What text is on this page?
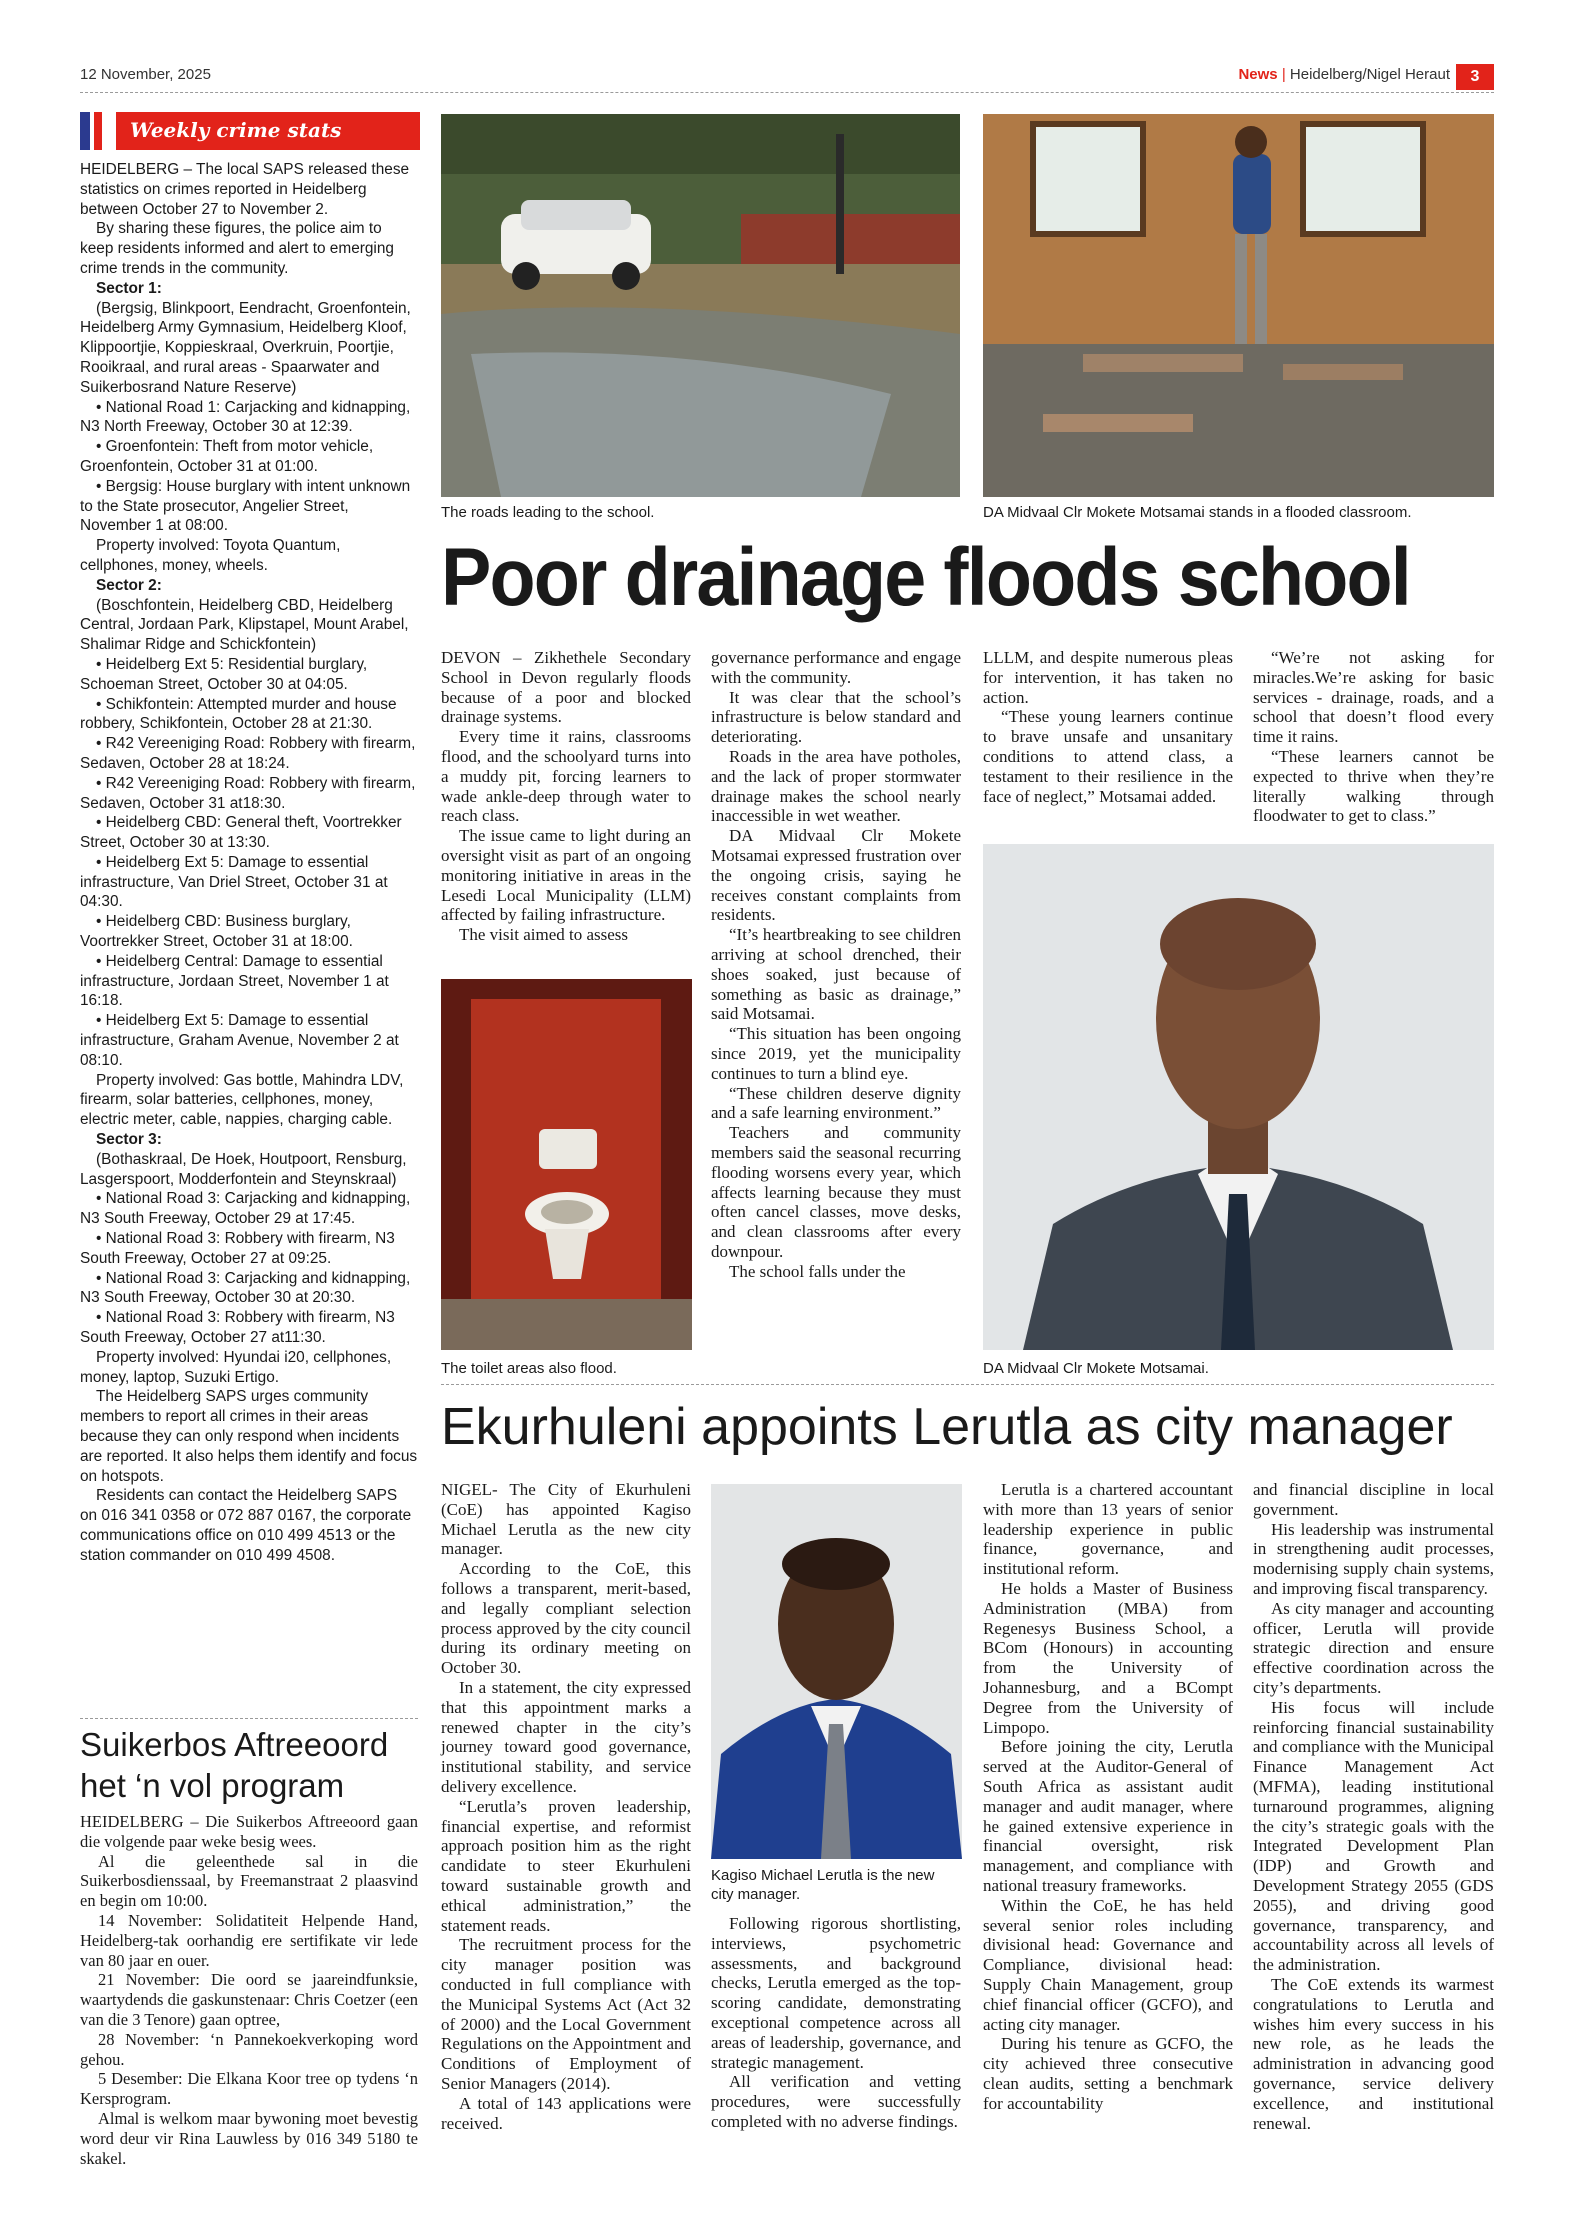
12 November, 2025	News | Heidelberg/Nigel Heraut	3
Weekly crime stats

HEIDELBERG – The local SAPS released these statistics on crimes reported in Heidelberg between October 27 to November 2.

By sharing these figures, the police aim to keep residents informed and alert to emerging crime trends in the community.

Sector 1:

(Bergsig, Blinkpoort, Eendracht, Groenfontein, Heidelberg Army Gymnasium, Heidelberg Kloof, Klippoortjie, Koppieskraal, Overkruin, Poortjie, Rooikraal, and rural areas - Spaarwater and Suikerbosrand Nature Reserve)

• National Road 1: Carjacking and kidnapping, N3 North Freeway, October 30 at 12:39.

• Groenfontein: Theft from motor vehicle, Groenfontein, October 31 at 01:00.

• Bergsig: House burglary with intent unknown to the State prosecutor, Angelier Street, November 1 at 08:00.

Property involved: Toyota Quantum, cellphones, money, wheels.

Sector 2:

(Boschfontein, Heidelberg CBD, Heidelberg Central, Jordaan Park, Klipstapel, Mount Arabel, Shalimar Ridge and Schickfontein)

• Heidelberg Ext 5: Residential burglary, Schoeman Street, October 30 at 04:05.

• Schikfontein: Attempted murder and house robbery, Schikfontein, October 28 at 21:30.

• R42 Vereeniging Road: Robbery with firearm, Sedaven, October 28 at 18:24.

• R42 Vereeniging Road: Robbery with firearm, Sedaven, October 31 at18:30.

• Heidelberg CBD: General theft, Voortrekker Street, October 30 at 13:30.

• Heidelberg Ext 5: Damage to essential infrastructure, Van Driel Street, October 31 at 04:30.

• Heidelberg CBD: Business burglary, Voortrekker Street, October 31 at 18:00.

• Heidelberg Central: Damage to essential infrastructure, Jordaan Street, November 1 at 16:18.

• Heidelberg Ext 5: Damage to essential infrastructure, Graham Avenue, November 2 at 08:10.

Property involved: Gas bottle, Mahindra LDV, firearm, solar batteries, cellphones, money, electric meter, cable, nappies, charging cable.

Sector 3:

(Bothaskraal, De Hoek, Houtpoort, Rensburg, Lasgerspoort, Modderfontein and Steynskraal)

• National Road 3: Carjacking and kidnapping, N3 South Freeway, October 29 at 17:45.

• National Road 3: Robbery with firearm, N3 South Freeway, October 27 at 09:25.

• National Road 3: Carjacking and kidnapping, N3 South Freeway, October 30 at 20:30.

• National Road 3: Robbery with firearm, N3 South Freeway, October 27 at11:30.

Property involved: Hyundai i20, cellphones, money, laptop, Suzuki Ertigo.

The Heidelberg SAPS urges community members to report all crimes in their areas because they can only respond when incidents are reported. It also helps them identify and focus on hotspots.

Residents can contact the Heidelberg SAPS on 016 341 0358 or 072 887 0167, the corporate communications office on 010 499 4513 or the station commander on 010 499 4508.

Suikerbos Aftreeoord het ‘n vol program

HEIDELBERG – Die Suikerbos Aftreeoord gaan die volgende paar weke besig wees.

Al die geleenthede sal in die Suikerbosdienssaal, by Freemanstraat 2 plaasvind en begin om 10:00.

14 November: Solidatiteit Helpende Hand, Heidelberg-tak oorhandig ere sertifikate vir lede van 80 jaar en ouer.

21 November: Die oord se jaareindfunksie, waartydends die gaskunstenaar: Chris Coetzer (een van die 3 Tenore) gaan optree,

28 November: ‘n Pannekoekverkoping word gehou.

5 Desember: Die Elkana Koor tree op tydens ‘n Kersprogram.

Almal is welkom maar bywoning moet bevestig word deur vir Rina Lauwless by 016 349 5180 te skakel.

The roads leading to the school.	DA Midvaal Clr Mokete Motsamai stands in a flooded classroom.
Poor drainage floods school

DEVON – Zikhethele Secondary School in Devon regularly floods because of a poor and blocked drainage systems.

Every time it rains, classrooms flood, and the schoolyard turns into a muddy pit, forcing learners to wade ankle-deep through water to reach class.

The issue came to light during an oversight visit as part of an ongoing monitoring initiative in areas in the Lesedi Local Municipality (LLM) affected by failing infrastructure.

The visit aimed to assess

governance performance and engage with the community.

It was clear that the school’s infrastructure is below standard and deteriorating.

Roads in the area have potholes, and the lack of proper stormwater drainage makes the school nearly inaccessible in wet weather.

DA Midvaal Clr Mokete Motsamai expressed frustration over the ongoing crisis, saying he receives constant complaints from residents.

“It’s heartbreaking to see children arriving at school drenched, their shoes soaked, just because of something as basic as drainage,” said Motsamai.

“This situation has been ongoing since 2019, yet the municipality continues to turn a blind eye.

“These children deserve dignity and a safe learning environment.”

Teachers and community members said the seasonal recurring flooding worsens every year, which affects learning because they must often cancel classes, move desks, and clean classrooms after every downpour.

The school falls under the

LLLM, and despite numerous pleas for intervention, it has taken no action.

“These young learners continue to brave unsafe and unsanitary conditions to attend class, a testament to their resilience in the face of neglect,” Motsamai added.

“We’re not asking for miracles.We’re asking for basic services - drainage, roads, and a school that doesn’t flood every time it rains.

“These learners cannot be expected to thrive when they’re literally walking through floodwater to get to class.”

The toilet areas also flood.	DA Midvaal Clr Mokete Motsamai.
Ekurhuleni appoints Lerutla as city manager

NIGEL- The City of Ekurhuleni (CoE) has appointed Kagiso Michael Lerutla as the new city manager.

According to the CoE, this follows a transparent, merit-based, and legally compliant selection process approved by the city council during its ordinary meeting on October 30.

In a statement, the city expressed that this appointment marks a renewed chapter in the city’s journey toward good governance, institutional stability, and service delivery excellence.

“Lerutla’s proven leadership, financial expertise, and reformist approach position him as the right candidate to steer Ekurhuleni toward sustainable growth and ethical administration,” the statement reads.

The recruitment process for the city manager position was conducted in full compliance with the Municipal Systems Act (Act 32 of 2000) and the Local Government Regulations on the Appointment and Conditions of Employment of Senior Managers (2014).

A total of 143 applications were received.

Kagiso Michael Lerutla is the new city manager.

Following rigorous shortlisting, interviews, psychometric assessments, and background checks, Lerutla emerged as the top-scoring candidate, demonstrating exceptional competence across all areas of leadership, governance, and strategic management.

All verification and vetting procedures, were successfully completed with no adverse findings.

Lerutla is a chartered accountant with more than 13 years of senior leadership experience in public finance, governance, and institutional reform.

He holds a Master of Business Administration (MBA) from Regenesys Business School, a BCom (Honours) in accounting from the University of Johannesburg, and a BCompt Degree from the University of Limpopo.

Before joining the city, Lerutla served at the Auditor-General of South Africa as assistant audit manager and audit manager, where he gained extensive experience in financial oversight, risk management, and compliance with national treasury frameworks.

Within the CoE, he has held several senior roles including divisional head: Governance and Compliance, divisional head: Supply Chain Management, group chief financial officer (GCFO), and acting city manager.

During his tenure as GCFO, the city achieved three consecutive clean audits, setting a benchmark for accountability

and financial discipline in local government.

His leadership was instrumental in strengthening audit processes, modernising supply chain systems, and improving fiscal transparency.

As city manager and accounting officer, Lerutla will provide strategic direction and ensure effective coordination across the city’s departments.

His focus will include reinforcing financial sustainability and compliance with the Municipal Finance Management Act (MFMA), leading institutional turnaround programmes, aligning the city’s strategic goals with the Integrated Development Plan (IDP) and Growth and Development Strategy 2055 (GDS 2055), and driving good governance, transparency, and accountability across all levels of the administration.

The CoE extends its warmest congratulations to Lerutla and wishes him every success in his new role, as he leads the administration in advancing good governance, service delivery excellence, and institutional renewal.
